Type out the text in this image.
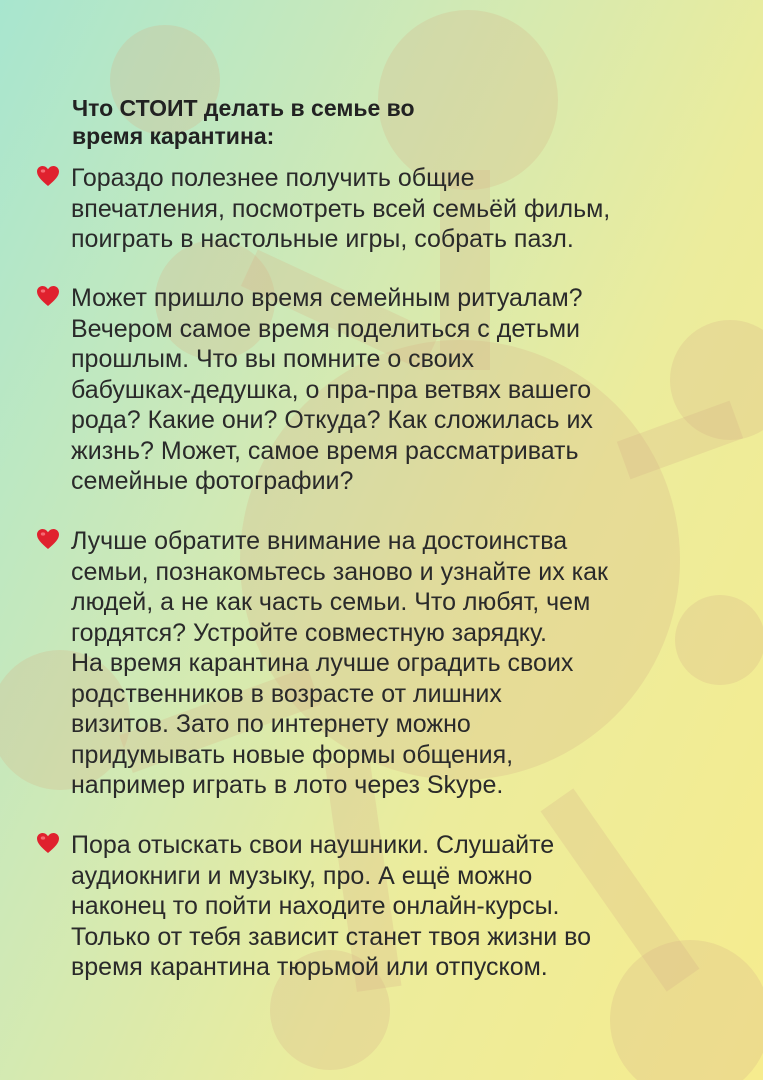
Что СТОИТ делать в семье во
время карантина:
Гораздо полезнее получить общие
впечатления, посмотреть всей семьёй фильм,
поиграть в настольные игры, собрать пазл.
Может пришло время семейным ритуалам?
Вечером самое время поделиться с детьми
прошлым. Что вы помните о своих
бабушках-дедушка, о пра-пра ветвях вашего
рода? Какие они? Откуда? Как сложилась их
жизнь? Может, самое время рассматривать
семейные фотографии?
Лучше обратите внимание на достоинства
семьи, познакомьтесь заново и узнайте их как
людей, а не как часть семьи. Что любят, чем
гордятся? Устройте совместную зарядку.
На время карантина лучше оградить своих
родственников в возрасте от лишних
визитов. Зато по интернету можно
придумывать новые формы общения,
например играть в лото через Skype.
Пора отыскать свои наушники. Слушайте
аудиокниги и музыку, про. А ещё можно
наконец то пойти находите онлайн-курсы.
Только от тебя зависит станет твоя жизни во
время карантина тюрьмой или отпуском.
